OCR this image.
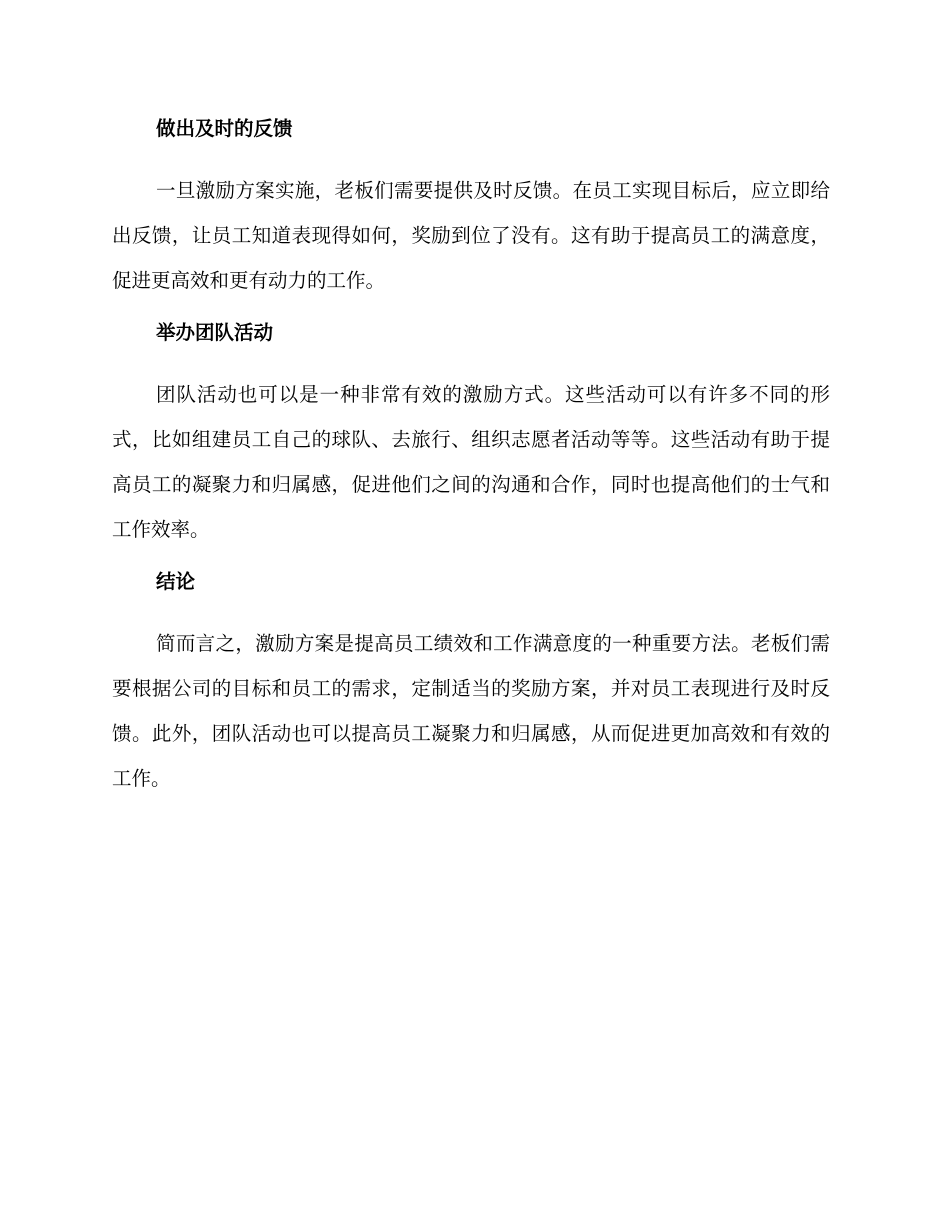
做出及时的反馈

一旦激励方案实施，老板们需要提供及时反馈。在员工实现目标后，应立即给出反馈，让员工知道表现得如何，奖励到位了没有。这有助于提高员工的满意度，促进更高效和更有动力的工作。

举办团队活动

团队活动也可以是一种非常有效的激励方式。这些活动可以有许多不同的形式，比如组建员工自己的球队、去旅行、组织志愿者活动等等。这些活动有助于提高员工的凝聚力和归属感，促进他们之间的沟通和合作，同时也提高他们的士气和工作效率。

结论

简而言之，激励方案是提高员工绩效和工作满意度的一种重要方法。老板们需要根据公司的目标和员工的需求，定制适当的奖励方案，并对员工表现进行及时反馈。此外，团队活动也可以提高员工凝聚力和归属感，从而促进更加高效和有效的工作。
